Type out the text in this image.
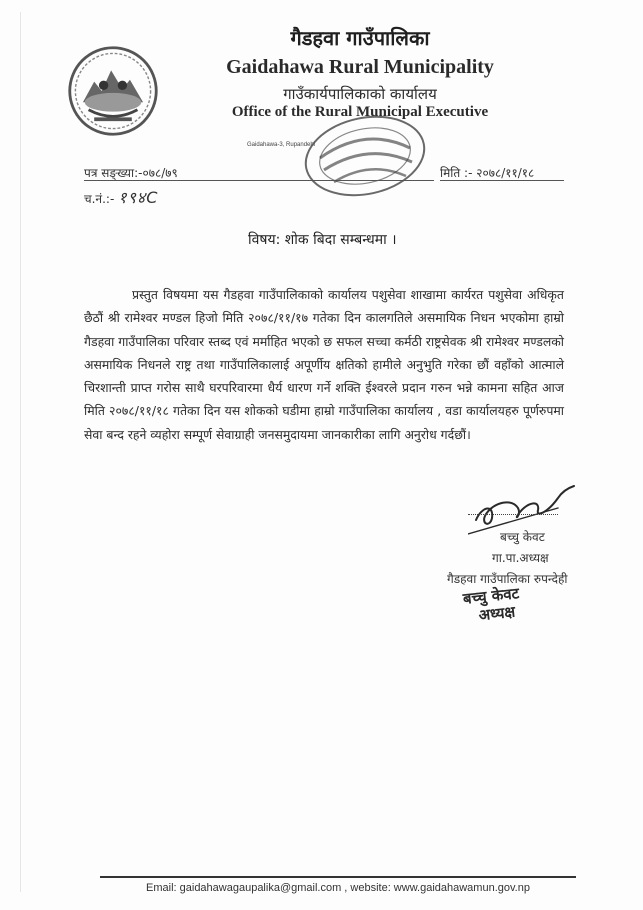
गैडहवा गाउँपालिका
Gaidahawa Rural Municipality
गाउँकार्यपालिकाको कार्यालय
Office of the Rural Municipal Executive
Gaidahawa-3, Rupandehi
पत्र सङ्ख्या:-०७८/७९	मिति :- २०७८/११/१८
च.नं.:- १९४C
विषय: शोक बिदा सम्बन्धमा ।
प्रस्तुत विषयमा यस गैडहवा गाउँपालिकाको कार्यालय पशुसेवा शाखामा कार्यरत पशुसेवा अधिकृत छैठौं श्री रामेश्वर मण्डल हिजो मिति २०७८/११/१७ गतेका दिन कालगतिले असमायिक निधन भएकोमा हाम्रो गैडहवा गाउँपालिका परिवार स्तब्द एवं मर्माहित भएको छ सफल सच्चा कर्मठी राष्ट्रसेवक श्री रामेश्वर मण्डलको असमायिक निधनले राष्ट्र तथा गाउँपालिकालाई अपूर्णीय क्षतिको हामीले अनुभुति गरेका छौं वहाँको आत्माले चिरशान्ती प्राप्त गरोस साथै घरपरिवारमा धैर्य धारण गर्ने शक्ति ईश्वरले प्रदान गरुन भन्ने कामना सहित आज मिति २०७८/११/१८ गतेका दिन यस शोकको घडीमा हाम्रो गाउँपालिका कार्यालय , वडा कार्यालयहरु पूर्णरुपमा सेवा बन्द रहने व्यहोरा सम्पूर्ण सेवाग्राही जनसमुदायमा जानकारीका लागि अनुरोध गर्दछौं।
बच्चु केवट
गा.पा.अध्यक्ष
गैडहवा गाउँपालिका रुपन्देही
बच्चु केवट
अध्यक्ष
Email: gaidahawagaupalika@gmail.com , website: www.gaidahawamun.gov.np
